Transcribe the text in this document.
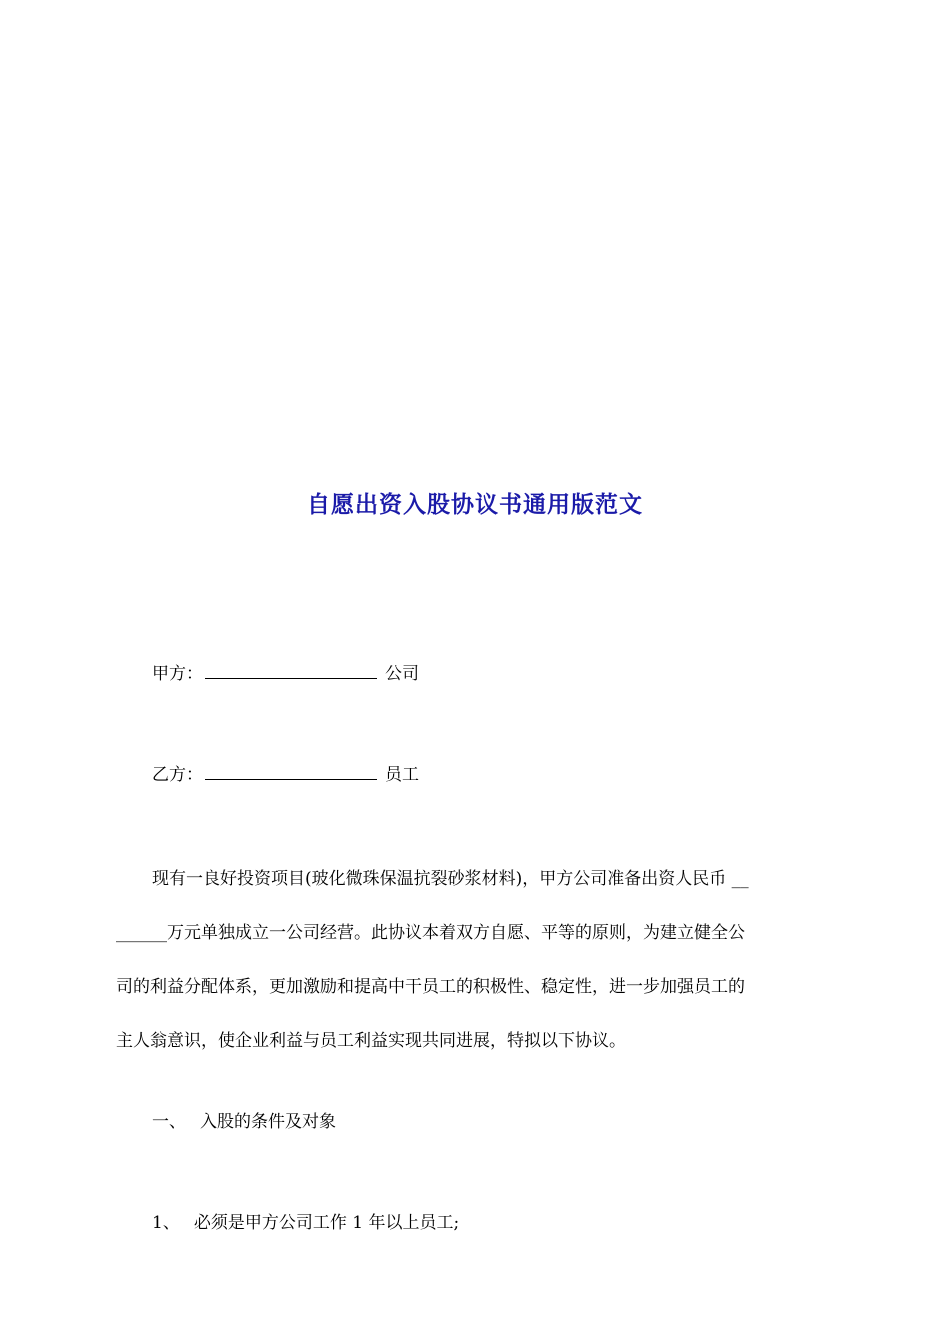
自愿出资入股协议书通用版范文
甲方：	公司
乙方：	员工
现有一良好投资项目(玻化微珠保温抗裂砂浆材料)，甲方公司准备出资人民币 __
______万元单独成立一公司经营。此协议本着双方自愿、平等的原则，为建立健全公
司的利益分配体系，更加激励和提高中干员工的积极性、稳定性，进一步加强员工的
主人翁意识，使企业利益与员工利益实现共同进展，特拟以下协议。
一、 入股的条件及对象
1、 必须是甲方公司工作 1 年以上员工;
